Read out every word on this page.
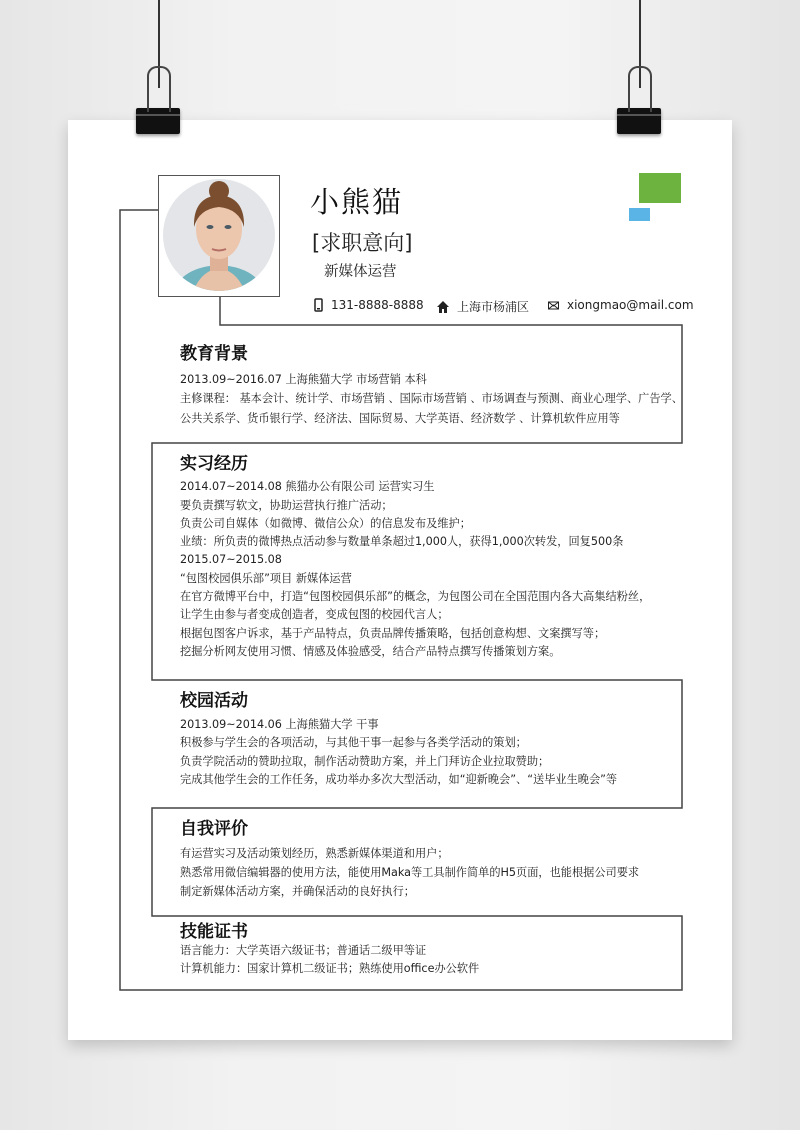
小熊猫
[求职意向]
新媒体运营
131-8888-8888	上海市杨浦区	xiongmao@mail.com
教育背景

2013.09~2016.07 上海熊猫大学 市场营销 本科

主修课程： 基本会计、统计学、市场营销 、国际市场营销 、市场调查与预测、商业心理学、广告学、

公共关系学、货币银行学、经济法、国际贸易、大学英语、经济数学 、计算机软件应用等

实习经历

2014.07~2014.08 熊猫办公有限公司 运营实习生

要负责撰写软文，协助运营执行推广活动；

负责公司自媒体（如微博、微信公众）的信息发布及维护；

业绩：所负责的微博热点活动参与数量单条超过1,000人，获得1,000次转发，回复500条

2015.07~2015.08

“包图校园俱乐部”项目 新媒体运营

在官方微博平台中，打造“包图校园俱乐部”的概念，为包图公司在全国范围内各大高集结粉丝，

让学生由参与者变成创造者，变成包图的校园代言人；

根据包图客户诉求，基于产品特点，负责品牌传播策略，包括创意构想、文案撰写等；

挖掘分析网友使用习惯、情感及体验感受，结合产品特点撰写传播策划方案。

校园活动

2013.09~2014.06 上海熊猫大学 干事

积极参与学生会的各项活动，与其他干事一起参与各类学活动的策划；

负责学院活动的赞助拉取，制作活动赞助方案，并上门拜访企业拉取赞助；

完成其他学生会的工作任务，成功举办多次大型活动，如“迎新晚会”、“送毕业生晚会”等

自我评价

有运营实习及活动策划经历，熟悉新媒体渠道和用户；

熟悉常用微信编辑器的使用方法，能使用Maka等工具制作简单的H5页面，也能根据公司要求

制定新媒体活动方案，并确保活动的良好执行；

技能证书

语言能力：大学英语六级证书；普通话二级甲等证

计算机能力：国家计算机二级证书；熟练使用office办公软件
